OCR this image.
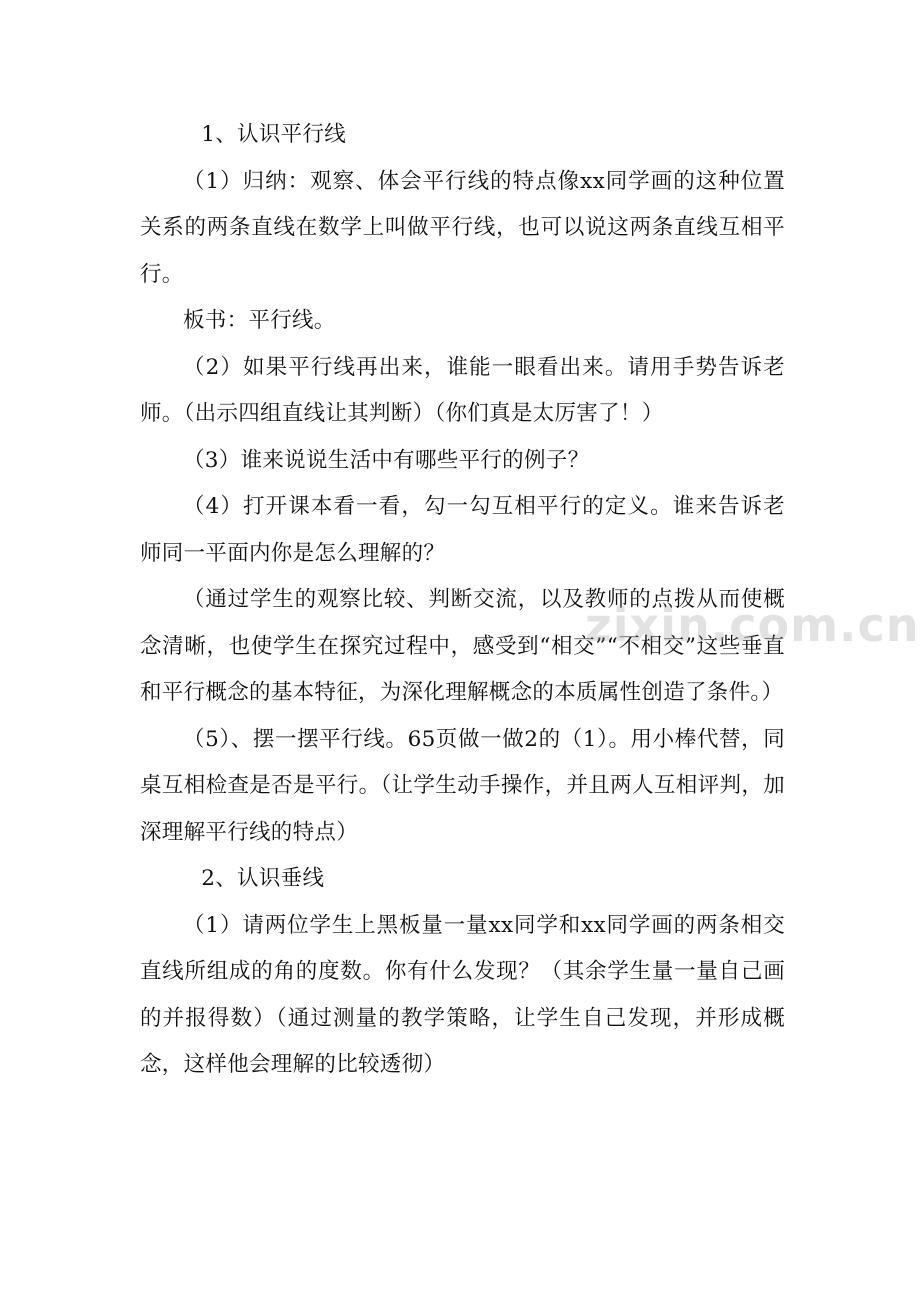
1、认识平行线

（1）归纳：观察、体会平行线的特点像xx同学画的这种位置关系的两条直线在数学上叫做平行线，也可以说这两条直线互相平行。

板书：平行线。

（2）如果平行线再出来，谁能一眼看出来。请用手势告诉老师。（出示四组直线让其判断）（你们真是太厉害了！）

（3）谁来说说生活中有哪些平行的例子？

（4）打开课本看一看，勾一勾互相平行的定义。谁来告诉老师同一平面内你是怎么理解的？

（通过学生的观察比较、判断交流，以及教师的点拨从而使概念清晰，也使学生在探究过程中，感受到“相交”“不相交”这些垂直和平行概念的基本特征，为深化理解概念的本质属性创造了条件。）

（5）、摆一摆平行线。65页做一做2的（1）。用小棒代替，同桌互相检查是否是平行。（让学生动手操作，并且两人互相评判，加深理解平行线的特点）

2、认识垂线

（1）请两位学生上黑板量一量xx同学和xx同学画的两条相交直线所组成的角的度数。你有什么发现？（其余学生量一量自己画的并报得数）（通过测量的教学策略，让学生自己发现，并形成概念，这样他会理解的比较透彻）

zixin.com.cn
